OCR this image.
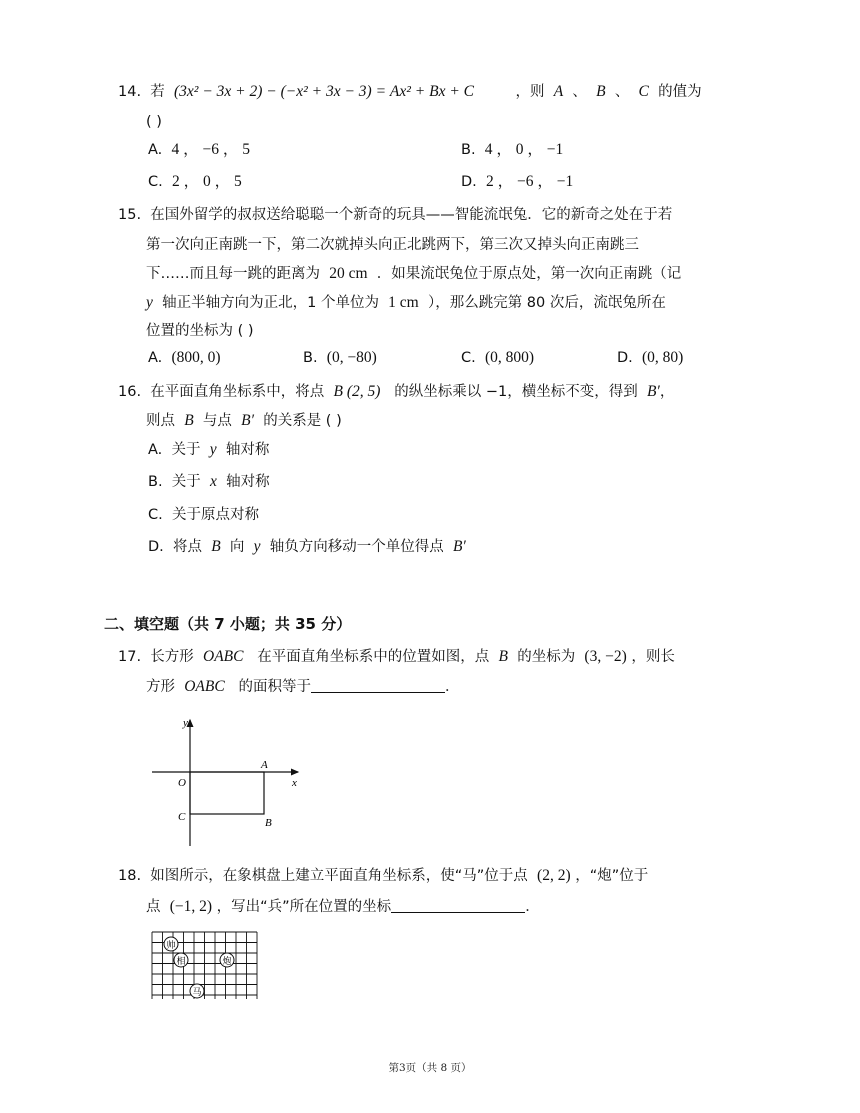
14. 若 (3x² − 3x + 2) − (−x² + 3x − 3) = Ax² + Bx + C	，则 A 、 B 、 C 的值为
( )
A. 4 ， −6 ， 5	B. 4 ， 0 ， −1
C. 2 ， 0 ， 5	D. 2 ， −6 ， −1
15. 在国外留学的叔叔送给聪聪一个新奇的玩具——智能流氓兔．它的新奇之处在于若
第一次向正南跳一下，第二次就掉头向正北跳两下，第三次又掉头向正南跳三
下……而且每一跳的距离为 20 cm ．如果流氓兔位于原点处，第一次向正南跳（记
y 轴正半轴方向为正北，1 个单位为 1 cm ），那么跳完第 80 次后，流氓兔所在
位置的坐标为 ( )
A. (800, 0)	B. (0, −80)	C. (0, 800)	D. (0, 80)
16. 在平面直角坐标系中，将点 B (2, 5) 的纵坐标乘以 −1，横坐标不变，得到 B′，
则点 B 与点 B′ 的关系是 ( )
A. 关于 y 轴对称
B. 关于 x 轴对称
C. 关于原点对称
D. 将点 B 向 y 轴负方向移动一个单位得点 B′
二、填空题（共 7 小题；共 35 分）
17. 长方形 OABC 在平面直角坐标系中的位置如图，点 B 的坐标为 (3, −2) ，则长
方形 OABC 的面积等于	．
y
x
O
A
B
C
18. 如图所示，在象棋盘上建立平面直角坐标系，使“马”位于点 (2, 2) ，“炮”位于
点 (−1, 2) ，写出“兵”所在位置的坐标	．
帅
相	炮
马
第3页（共 8 页）
